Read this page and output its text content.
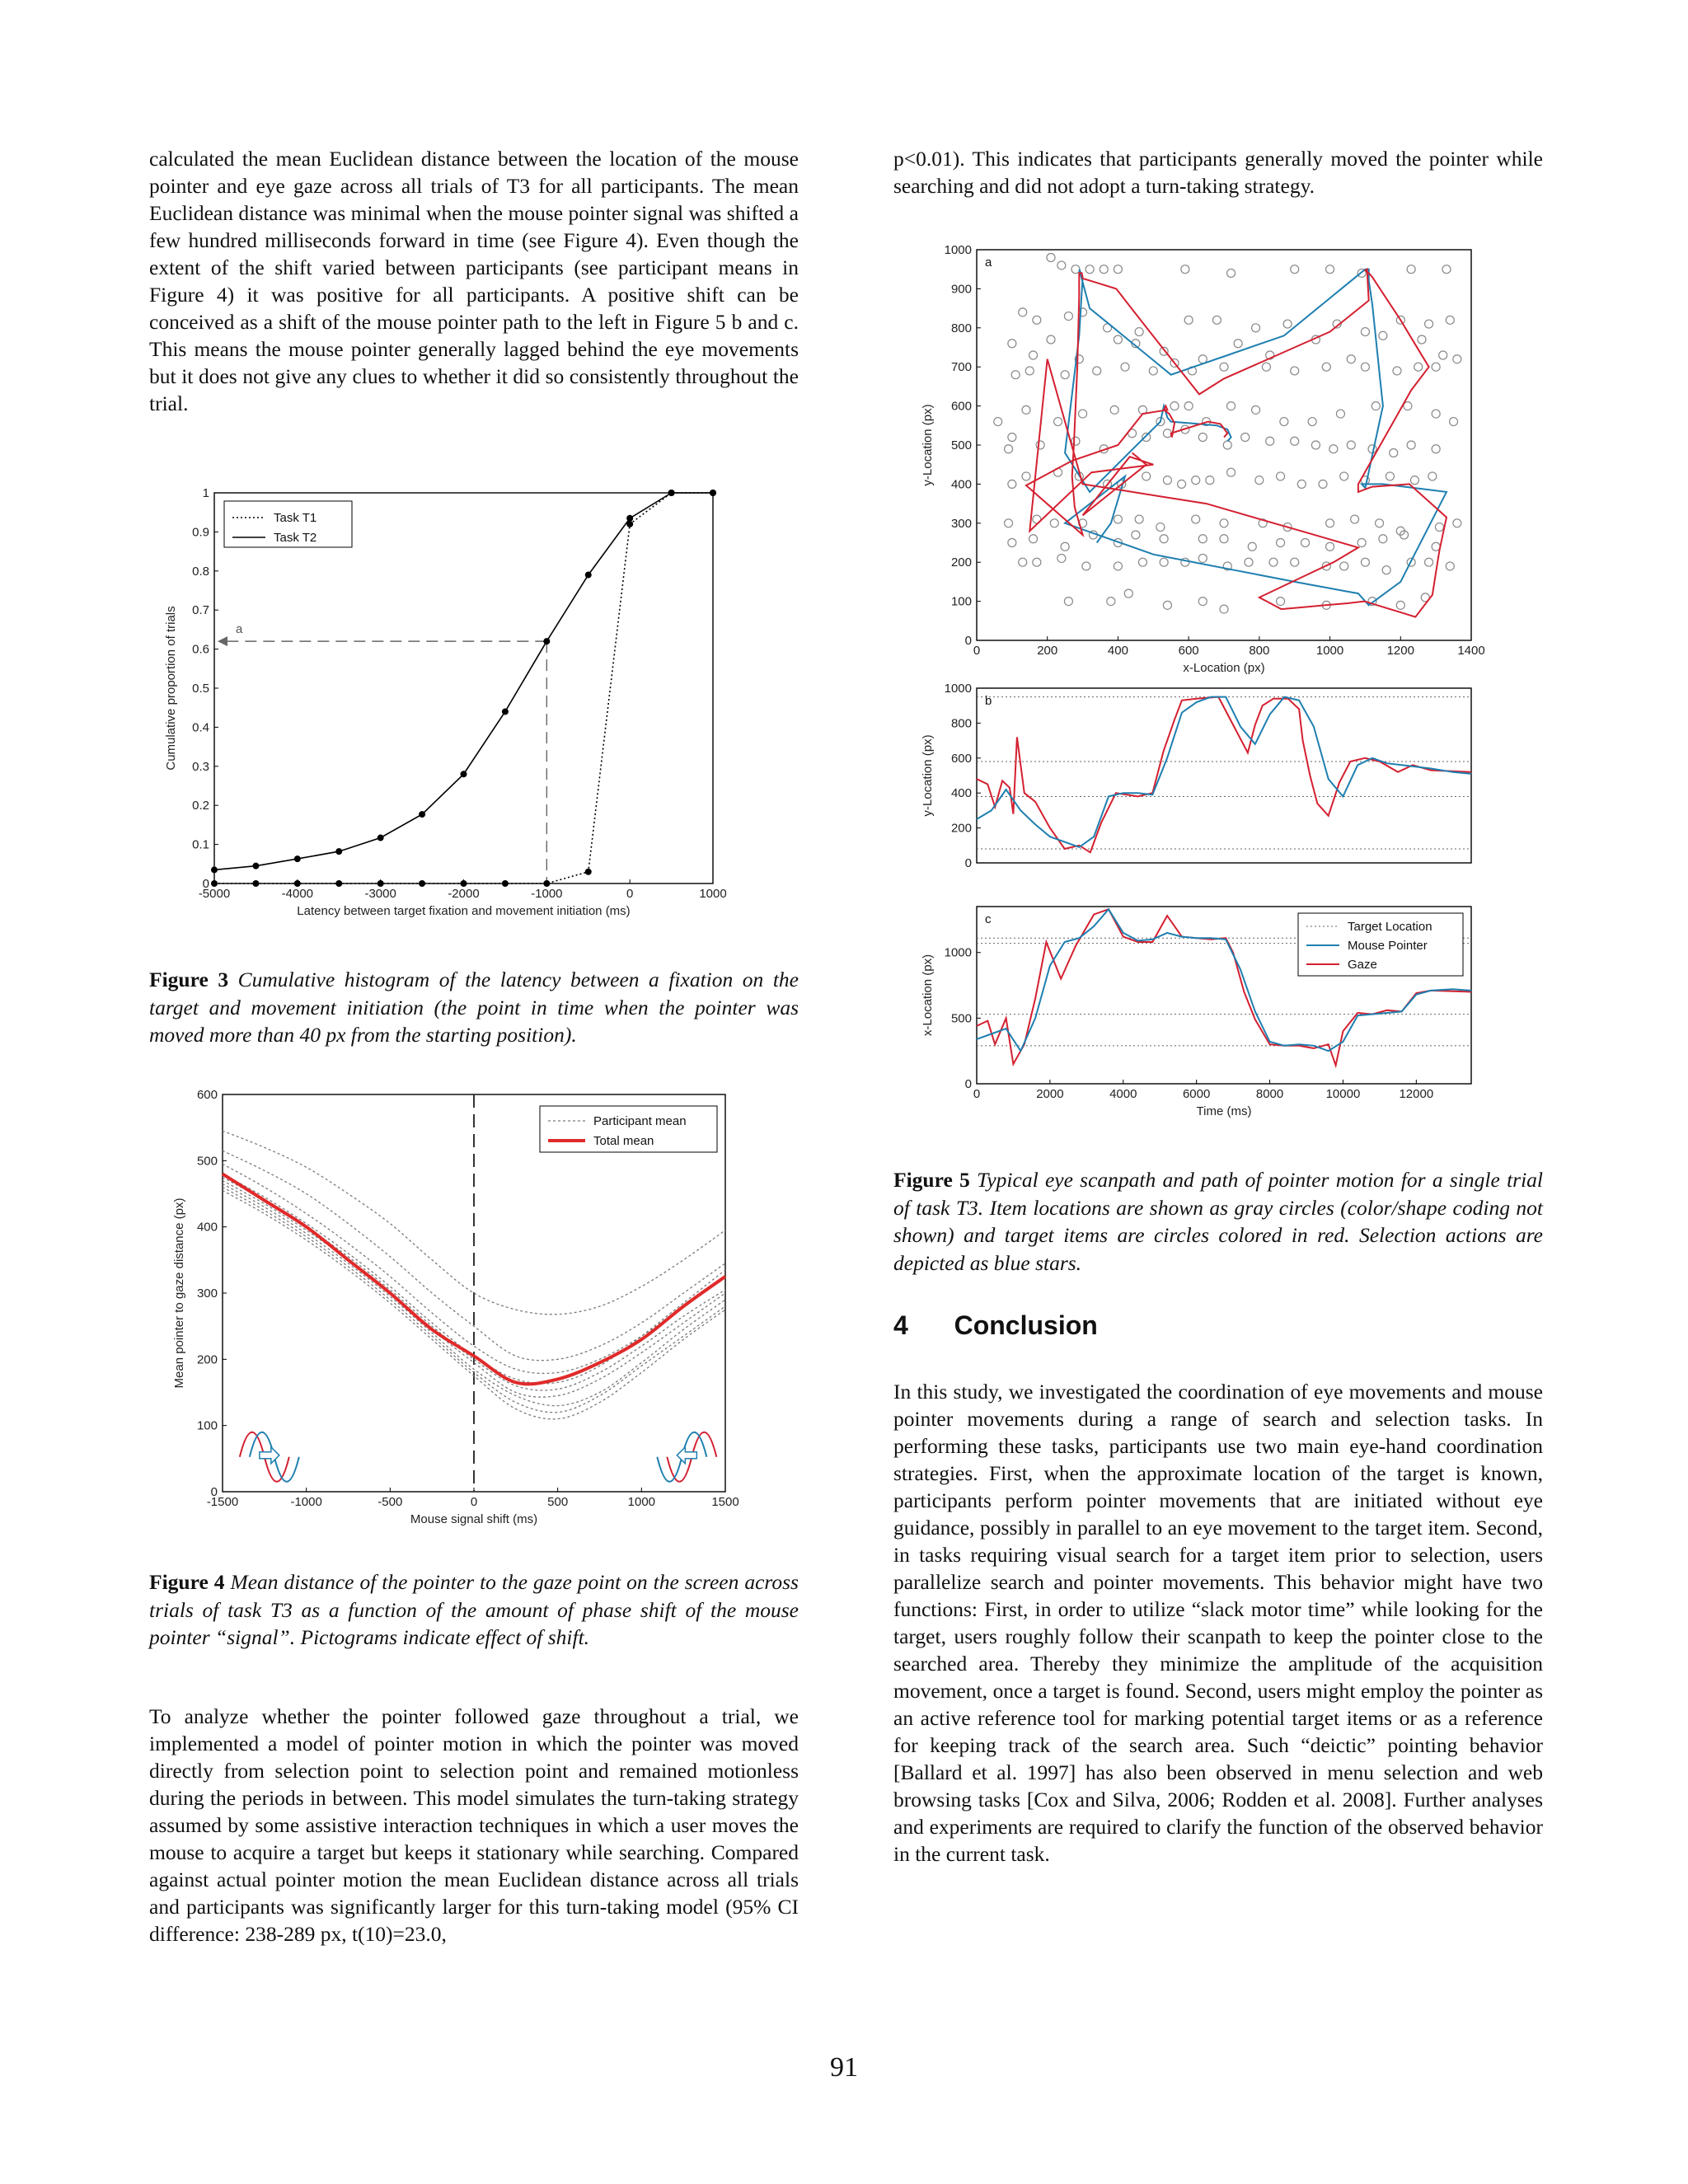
calculated the mean Euclidean distance between the location of the mouse pointer and eye gaze across all trials of T3 for all participants. The mean Euclidean distance was minimal when the mouse pointer signal was shifted a few hundred milliseconds forward in time (see Figure 4). Even though the extent of the shift varied between participants (see participant means in Figure 4) it was positive for all participants. A positive shift can be conceived as a shift of the mouse pointer path to the left in Figure 5 b and c. This means the mouse pointer generally lagged behind the eye movements but it does not give any clues to whether it did so consistently throughout the trial.

-5000	-4000	-3000	-2000	-1000	0	1000
0
0.1
0.2
0.3
0.4
0.5
0.6
0.7
0.8
0.9
1
Latency between target fixation and movement initiation (ms)
Cumulative proportion of trials	a
Task T1
Task T2
Figure 3 Cumulative histogram of the latency between a fixation on the target and movement initiation (the point in time when the pointer was moved more than 40 px from the starting position).
-1500	-1000	-500	0	500	1000	1500
0
100
200
300
400
500
600
Mouse signal shift (ms)
Mean pointer to gaze distance (px)
Participant mean
Total mean
Figure 4 Mean distance of the pointer to the gaze point on the screen across trials of task T3 as a function of the amount of phase shift of the mouse pointer “signal”. Pictograms indicate effect of shift.

To analyze whether the pointer followed gaze throughout a trial, we implemented a model of pointer motion in which the pointer was moved directly from selection point to selection point and remained motionless during the periods in between. This model simulates the turn-taking strategy assumed by some assistive interaction techniques in which a user moves the mouse to acquire a target but keeps it stationary while searching. Compared against actual pointer motion the mean Euclidean distance across all trials and participants was significantly larger for this turn-taking model (95% CI difference: 238-289 px, t(10)=23.0,

p<0.01). This indicates that participants generally moved the pointer while searching and did not adopt a turn-taking strategy.

0	200	400	600	800	1000	1200	1400
0
100
200
300
400
500
600
700
800
900
1000
x-Location (px)
y-Location (px)
a
0
200
400
600
800
1000
y-Location (px)
b
0	2000	4000	6000	8000	10000	12000
0
500
1000
Time (ms)
x-Location (px)
c
Target Location
Mouse Pointer
Gaze
Figure 5 Typical eye scanpath and path of pointer motion for a single trial of task T3. Item locations are shown as gray circles (color/shape coding not shown) and target items are circles colored in red. Selection actions are depicted as blue stars.
4 Conclusion

In this study, we investigated the coordination of eye movements and mouse pointer movements during a range of search and selection tasks. In performing these tasks, participants use two main eye-hand coordination strategies. First, when the approximate location of the target is known, participants perform pointer movements that are initiated without eye guidance, possibly in parallel to an eye movement to the target item. Second, in tasks requiring visual search for a target item prior to selection, users parallelize search and pointer movements. This behavior might have two functions: First, in order to utilize “slack motor time” while looking for the target, users roughly follow their scanpath to keep the pointer close to the searched area. Thereby they minimize the amplitude of the acquisition movement, once a target is found. Second, users might employ the pointer as an active reference tool for marking potential target items or as a reference for keeping track of the search area. Such “deictic” pointing behavior [Ballard et al. 1997] has also been observed in menu selection and web browsing tasks [Cox and Silva, 2006; Rodden et al. 2008]. Further analyses and experiments are required to clarify the function of the observed behavior in the current task.

91
